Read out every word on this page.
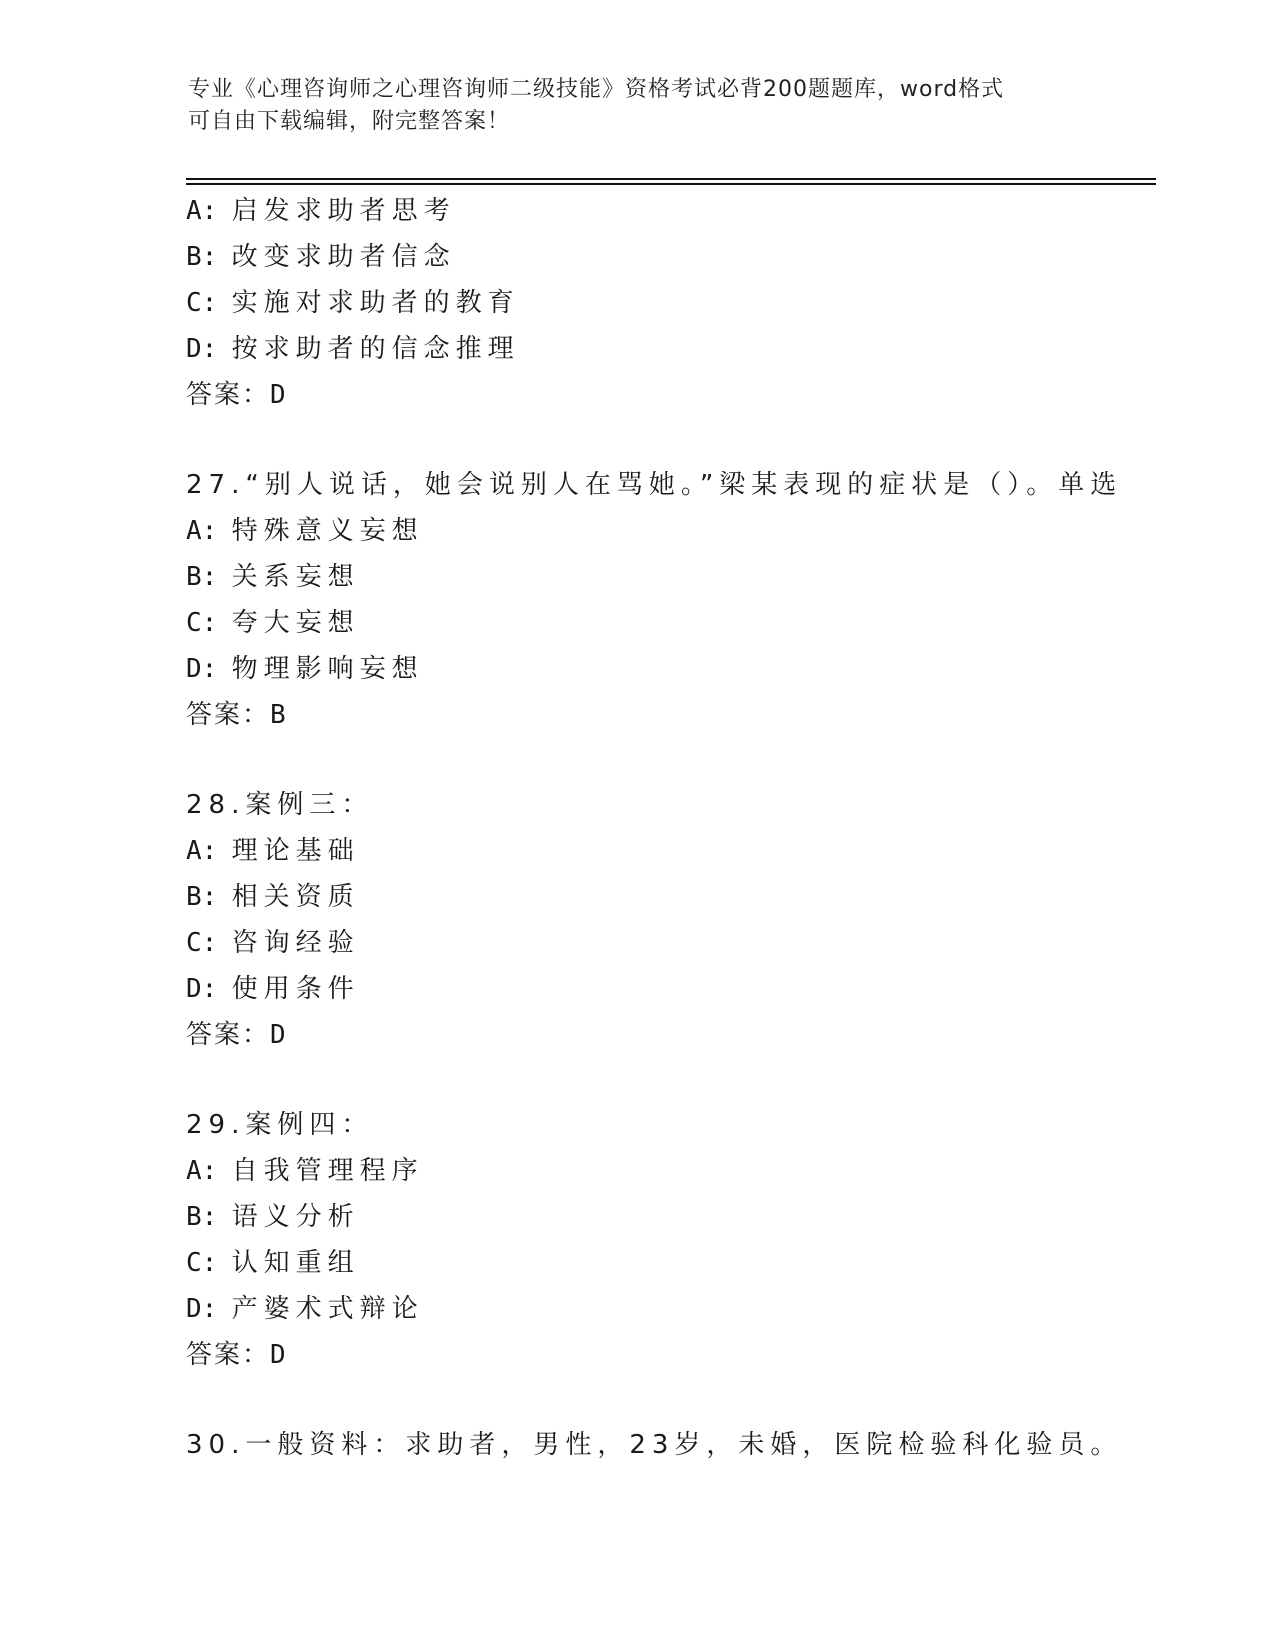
专业《心理咨询师之心理咨询师二级技能》资格考试必背200题题库，word格式
可自由下载编辑，附完整答案！
A: 启发求助者思考
B: 改变求助者信念
C: 实施对求助者的教育
D: 按求助者的信念推理
答案：D
27.“别人说话，她会说别人在骂她。”梁某表现的症状是（）。单选
A: 特殊意义妄想
B: 关系妄想
C: 夸大妄想
D: 物理影响妄想
答案：B
28.案例三：
A: 理论基础
B: 相关资质
C: 咨询经验
D: 使用条件
答案：D
29.案例四：
A: 自我管理程序
B: 语义分析
C: 认知重组
D: 产婆术式辩论
答案：D
30.一般资料：求助者，男性，23岁，未婚，医院检验科化验员。
